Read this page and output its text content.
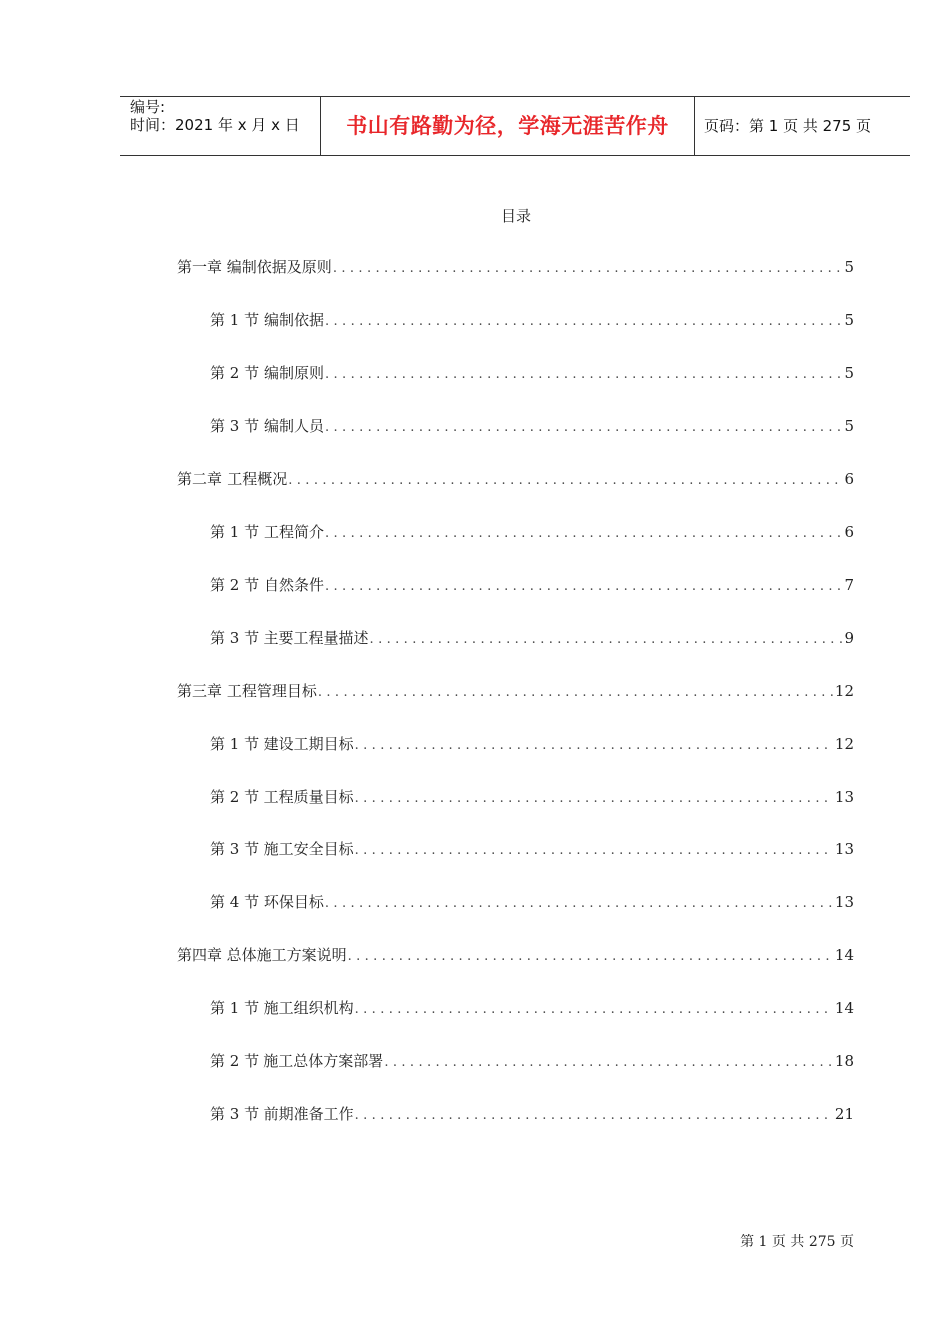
编号:
时间：2021 年 x 月 x 日	书山有路勤为径，学海无涯苦作舟	页码：第 1 页 共 275 页
目录
第一章 编制依据及原则 .....	5
第 1 节 编制依据 .....	5
第 2 节 编制原则 .....	5
第 3 节 编制人员 .....	5
第二章 工程概况 .....	6
第 1 节 工程简介 .....	6
第 2 节 自然条件 .....	7
第 3 节 主要工程量描述 .....	9
第三章 工程管理目标 .....	12
第 1 节 建设工期目标 .....	12
第 2 节 工程质量目标 .....	13
第 3 节 施工安全目标 .....	13
第 4 节 环保目标 .....	13
第四章 总体施工方案说明 .....	14
第 1 节 施工组织机构 .....	14
第 2 节 施工总体方案部署 .....	18
第 3 节 前期准备工作 .....	21
第 1 页 共 275 页
